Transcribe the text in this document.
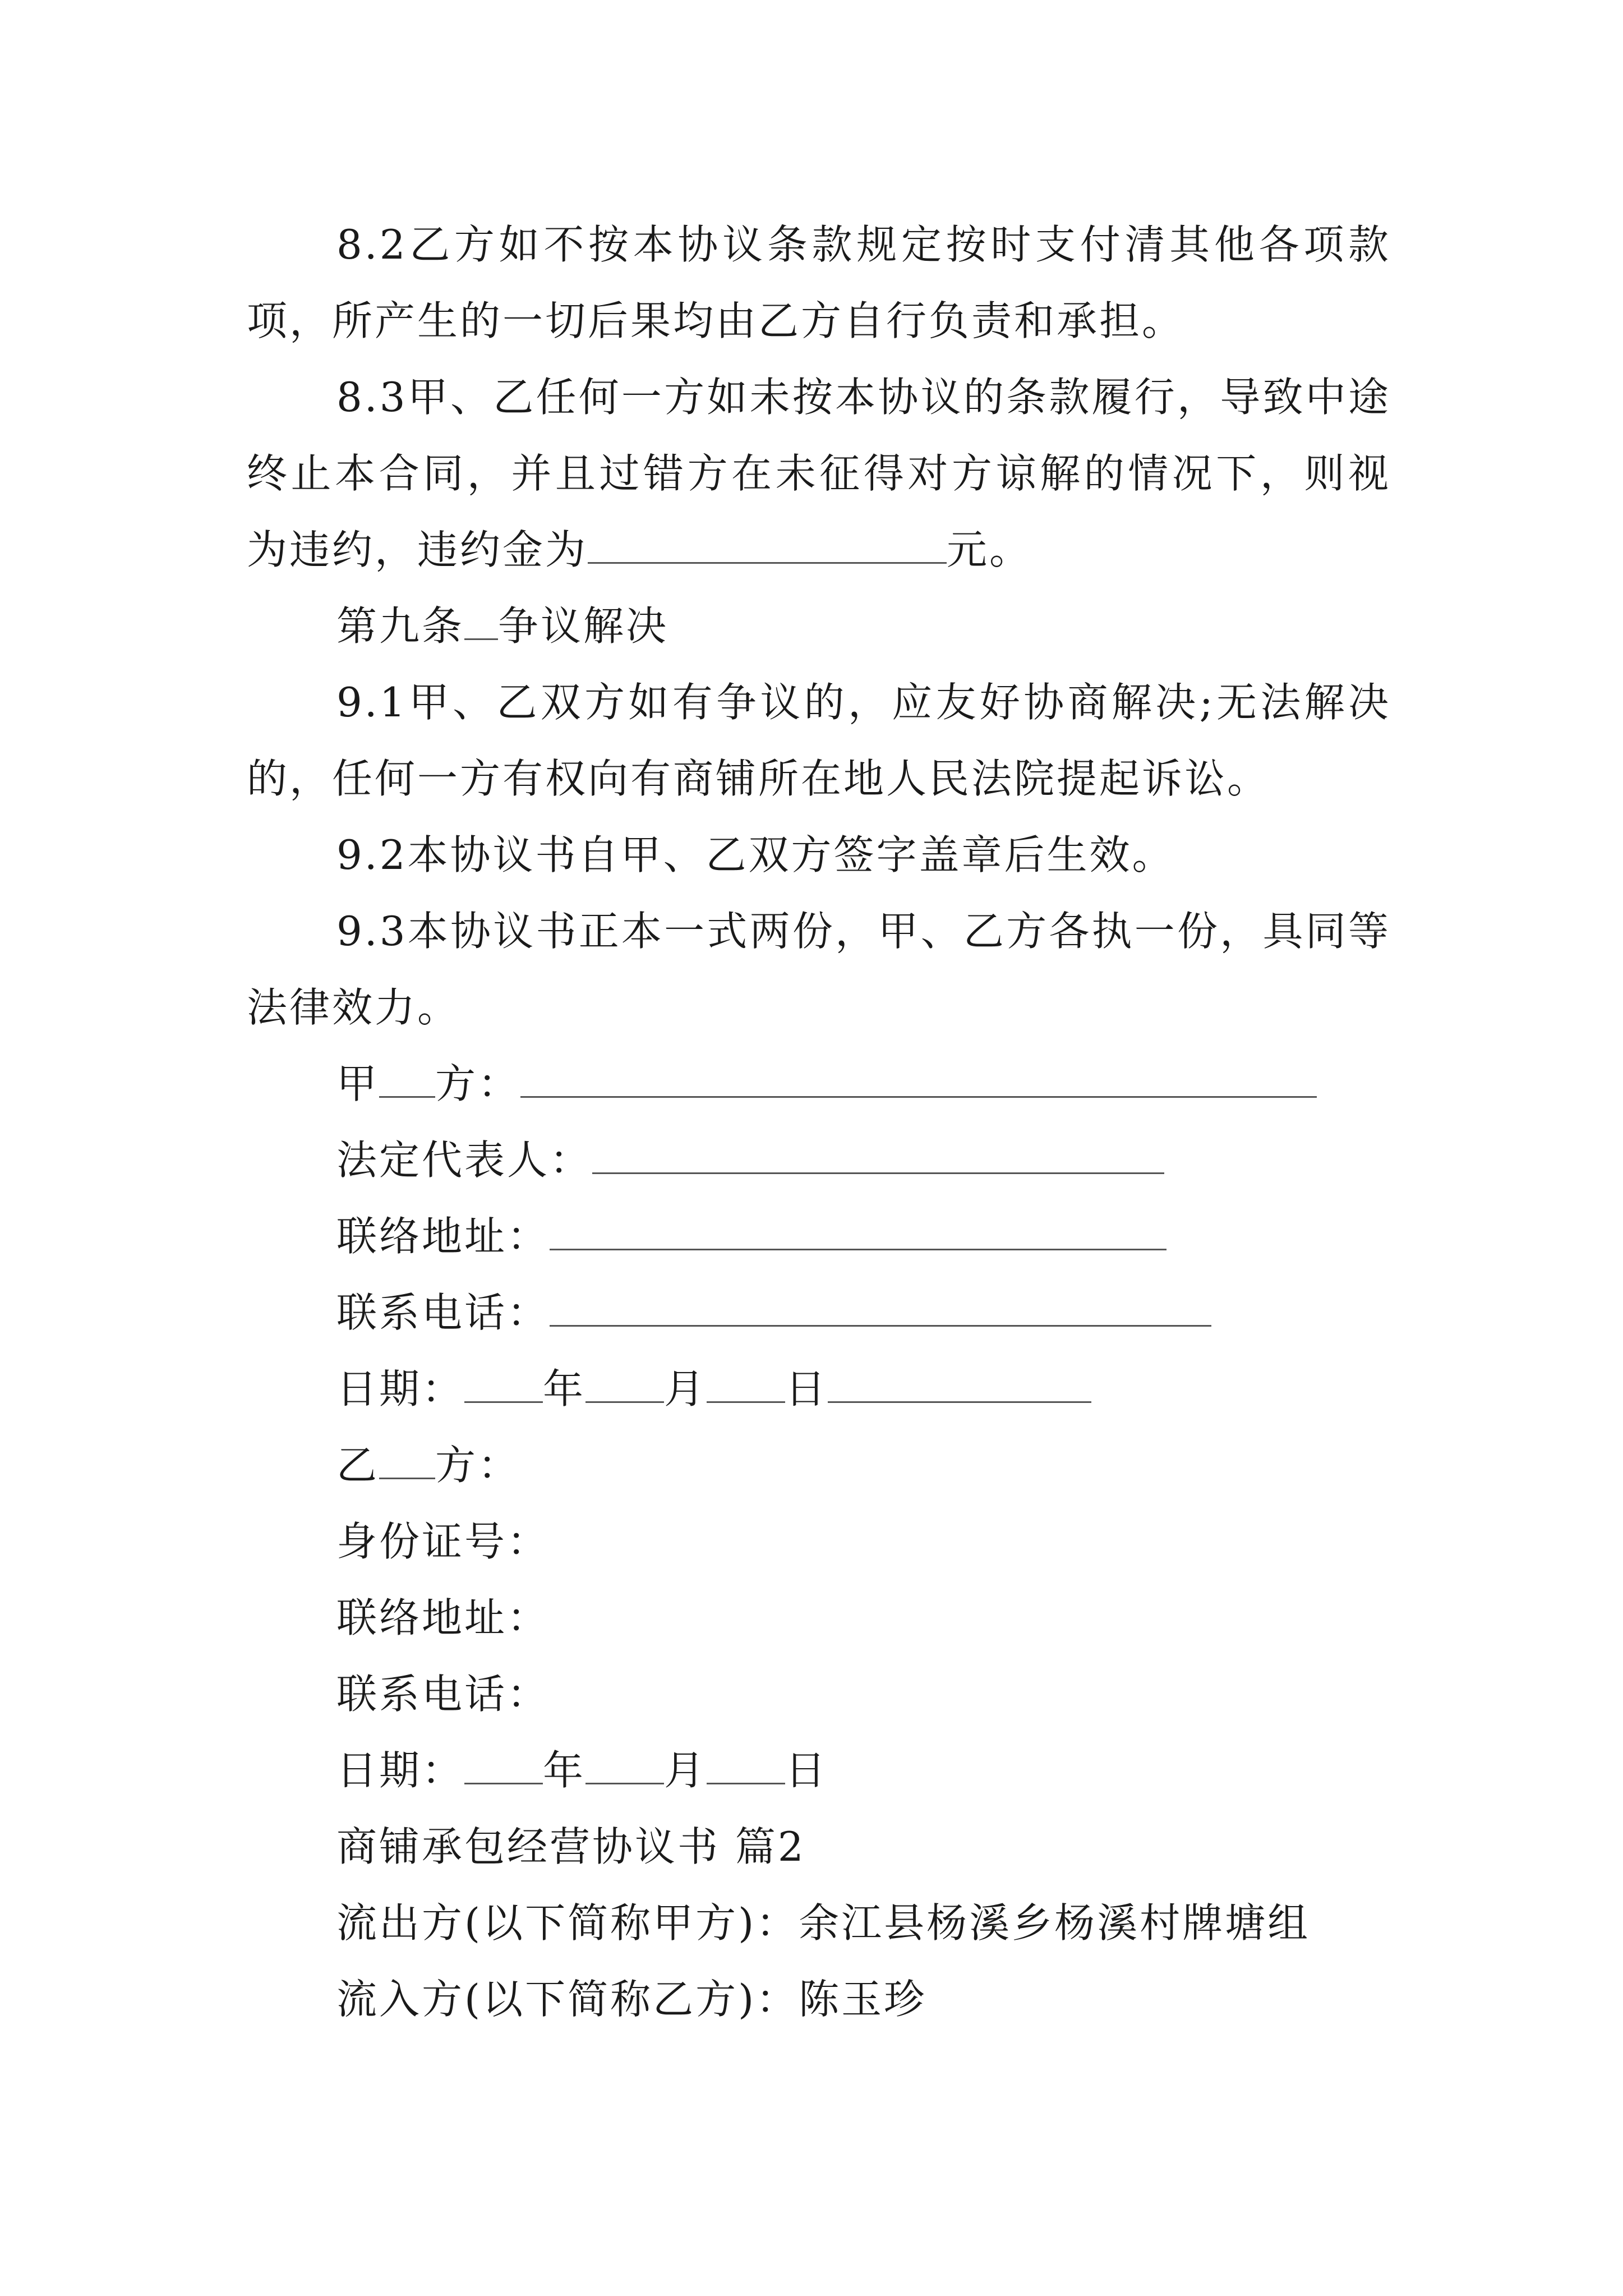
8.2乙方如不按本协议条款规定按时支付清其他各项款项，所产生的一切后果均由乙方自行负责和承担。

8.3甲、乙任何一方如未按本协议的条款履行，导致中途终止本合同，并且过错方在未征得对方谅解的情况下，则视为违约，违约金为	元。

第九条 争议解决

9.1甲、乙双方如有争议的，应友好协商解决;无法解决的，任何一方有权向有商铺所在地人民法院提起诉讼。

9.2本协议书自甲、乙双方签字盖章后生效。

9.3本协议书正本一式两份，甲、乙方各执一份，具同等法律效力。

甲 方：

法定代表人：

联络地址：

联系电话：

日期： 年 月 日

乙 方：

身份证号：

联络地址：

联系电话：

日期： 年 月 日

商铺承包经营协议书 篇2

流出方(以下简称甲方)：余江县杨溪乡杨溪村牌塘组

流入方(以下简称乙方)：陈玉珍
